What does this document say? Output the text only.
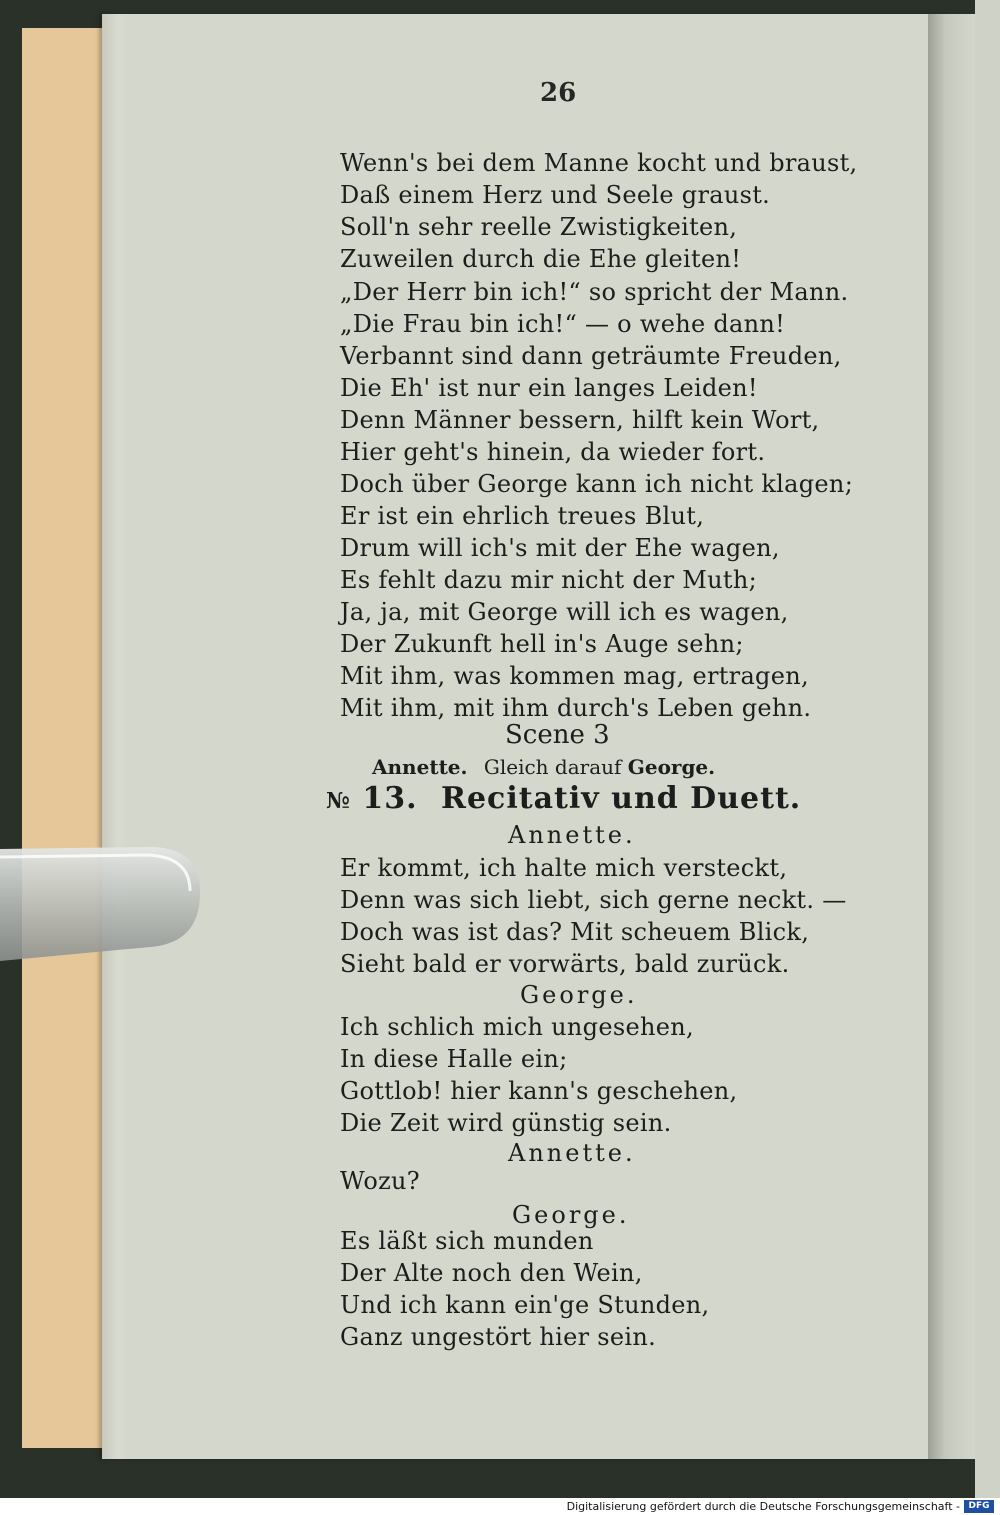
26
Wenn's bei dem Manne kocht und braust,
Daß einem Herz und Seele graust.
Soll'n sehr reelle Zwistigkeiten,
Zuweilen durch die Ehe gleiten!
„Der Herr bin ich!“ so spricht der Mann.
„Die Frau bin ich!“ — o wehe dann!
Verbannt sind dann geträumte Freuden,
Die Eh' ist nur ein langes Leiden!
Denn Männer bessern, hilft kein Wort,
Hier geht's hinein, da wieder fort.
Doch über George kann ich nicht klagen;
Er ist ein ehrlich treues Blut,
Drum will ich's mit der Ehe wagen,
Es fehlt dazu mir nicht der Muth;
Ja, ja, mit George will ich es wagen,
Der Zukunft hell in's Auge sehn;
Mit ihm, was kommen mag, ertragen,
Mit ihm, mit ihm durch's Leben gehn.
Scene 3
Annette. Gleich darauf George.
№ 13. Recitativ und Duett.
Annette.
Er kommt, ich halte mich versteckt,
Denn was sich liebt, sich gerne neckt. —
Doch was ist das? Mit scheuem Blick,
Sieht bald er vorwärts, bald zurück.
George.
Ich schlich mich ungesehen,
In diese Halle ein;
Gottlob! hier kann's geschehen,
Die Zeit wird günstig sein.
Annette.
Wozu?
George.
Es läßt sich munden
Der Alte noch den Wein,
Und ich kann ein'ge Stunden,
Ganz ungestört hier sein.
Digitalisierung gefördert durch die Deutsche Forschungsgemeinschaft - DFG
